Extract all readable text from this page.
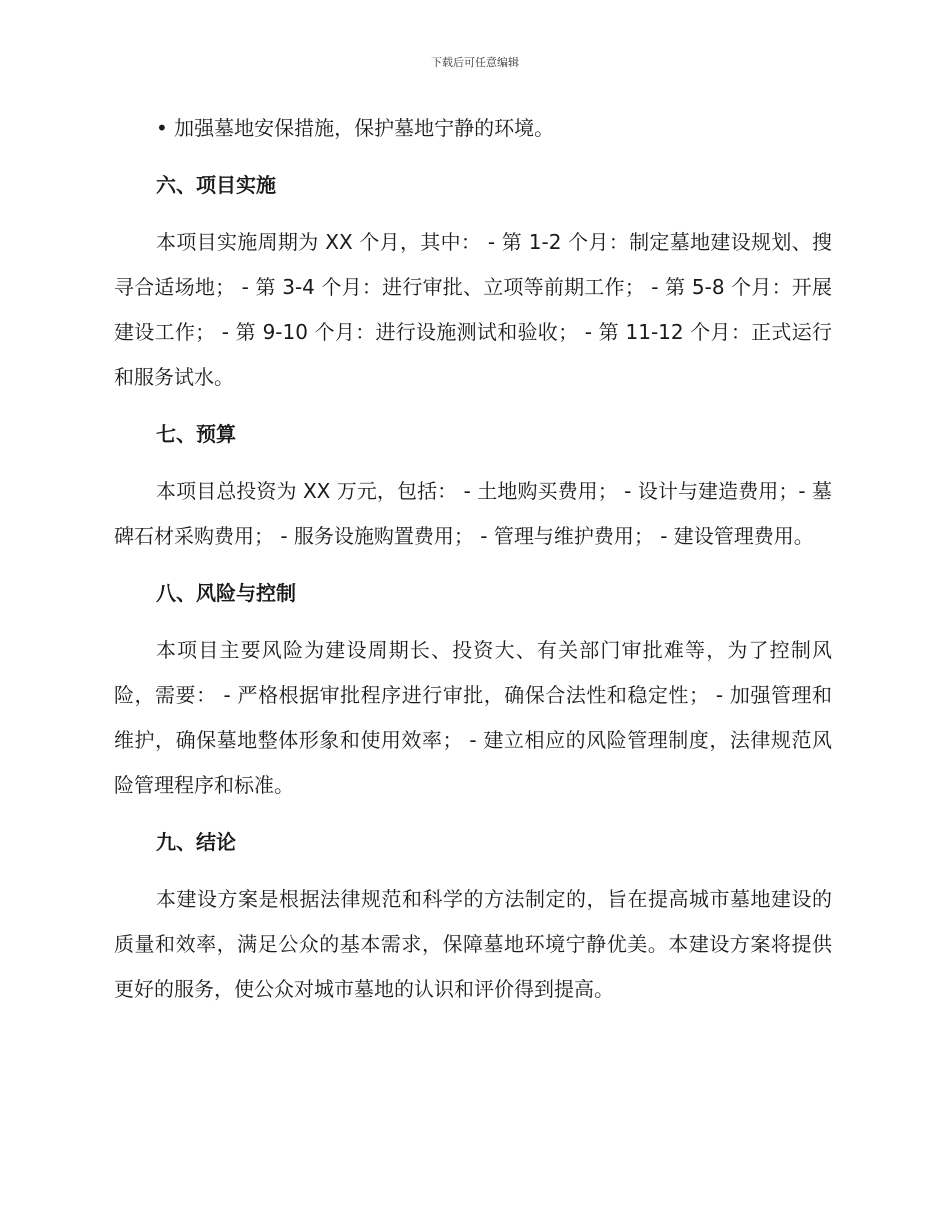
下载后可任意编辑

• 加强墓地安保措施，保护墓地宁静的环境。

六、项目实施

本项目实施周期为 XX 个月，其中： - 第 1-2 个月：制定墓地建设规划、搜寻合适场地； - 第 3-4 个月：进行审批、立项等前期工作； - 第 5-8 个月：开展建设工作； - 第 9-10 个月：进行设施测试和验收； - 第 11-12 个月：正式运行和服务试水。

七、预算

本项目总投资为 XX 万元，包括： - 土地购买费用； - 设计与建造费用；- 墓碑石材采购费用； - 服务设施购置费用； - 管理与维护费用； - 建设管理费用。

八、风险与控制

本项目主要风险为建设周期长、投资大、有关部门审批难等，为了控制风险，需要： - 严格根据审批程序进行审批，确保合法性和稳定性； - 加强管理和维护，确保墓地整体形象和使用效率； - 建立相应的风险管理制度，法律规范风险管理程序和标准。

九、结论

本建设方案是根据法律规范和科学的方法制定的，旨在提高城市墓地建设的质量和效率，满足公众的基本需求，保障墓地环境宁静优美。本建设方案将提供更好的服务，使公众对城市墓地的认识和评价得到提高。
